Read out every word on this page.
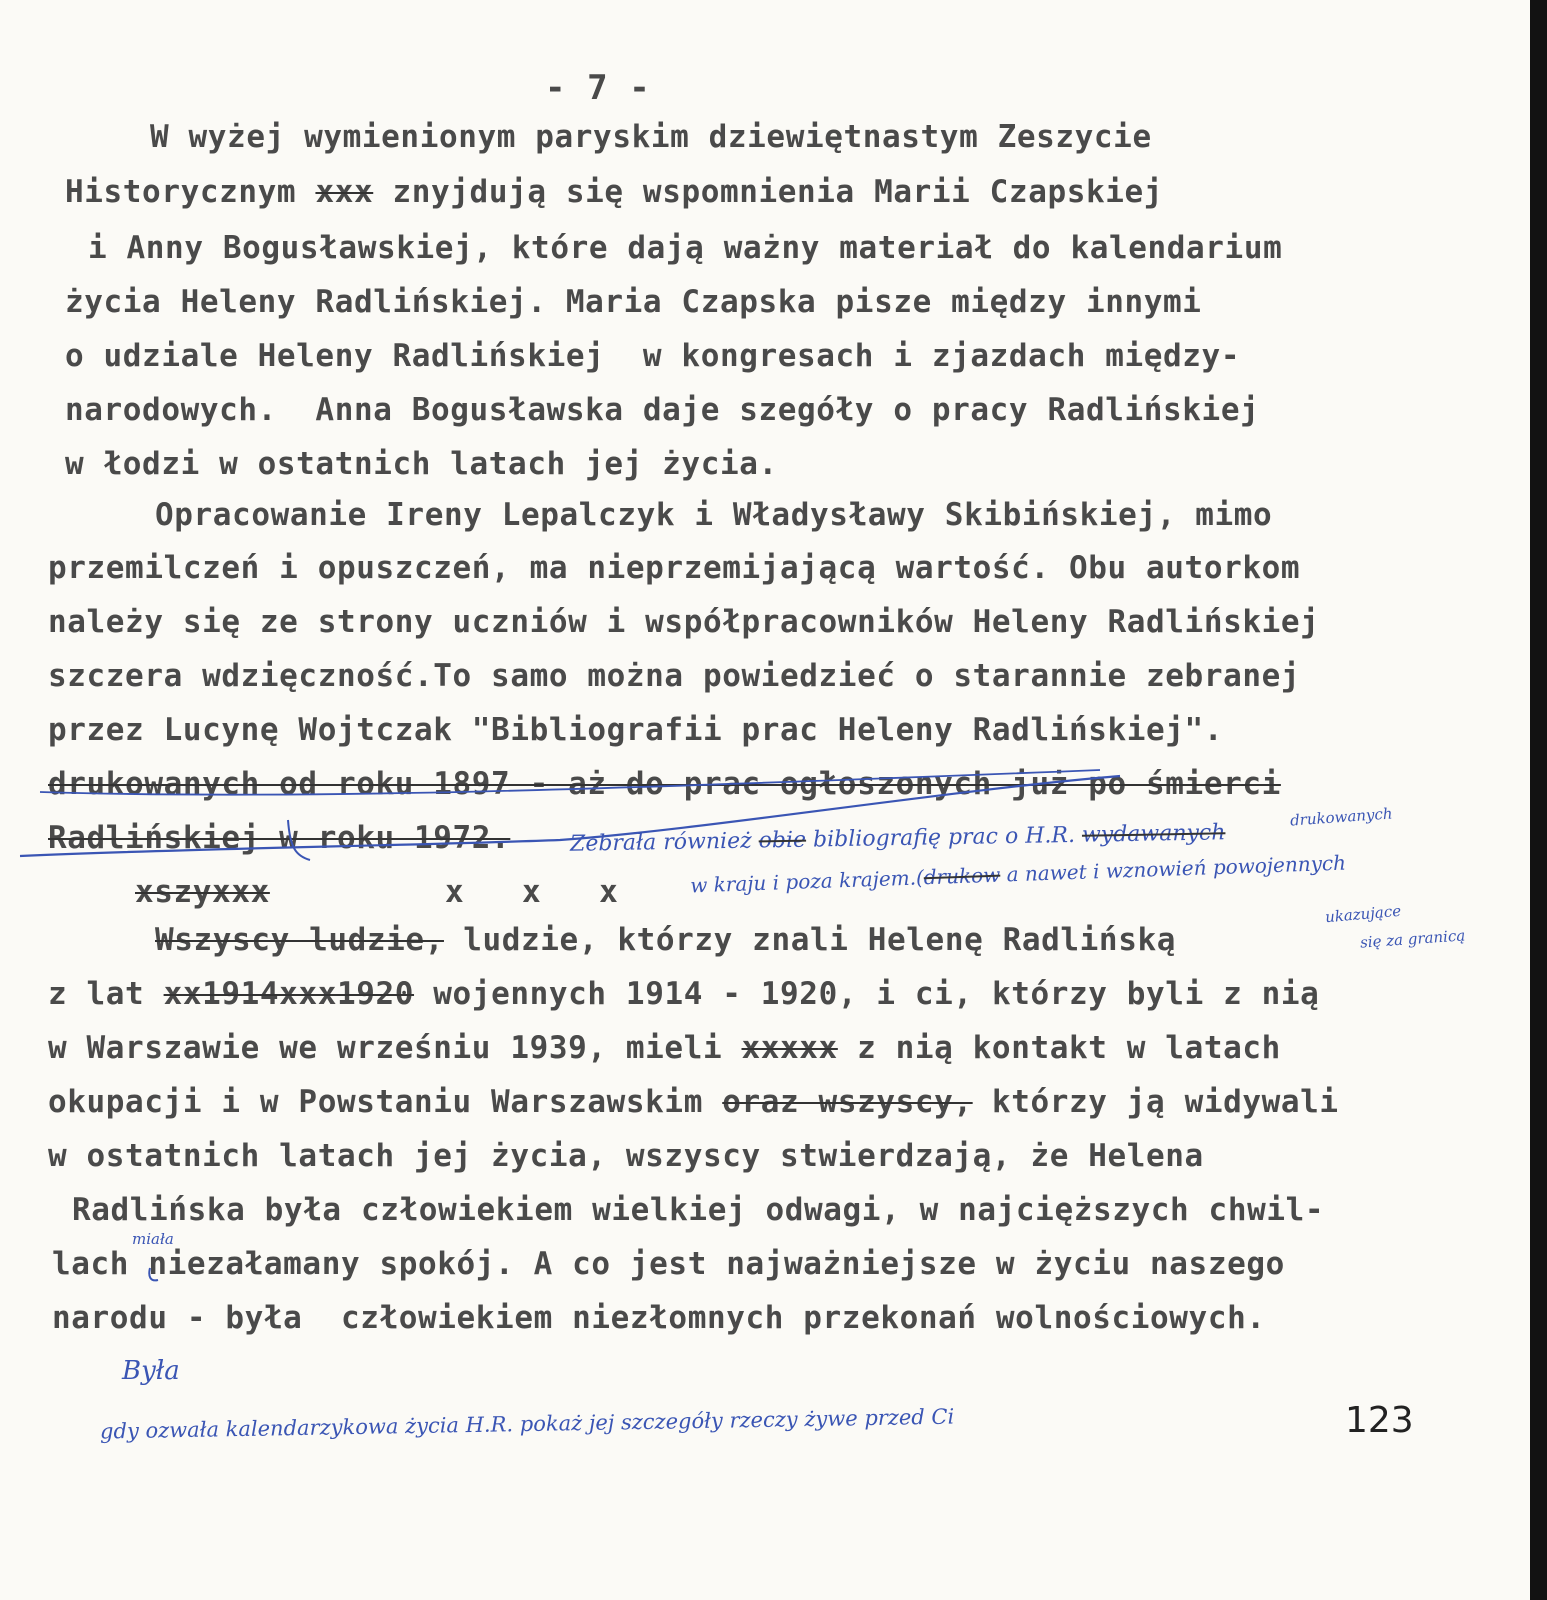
- 7 -
W wyżej wymienionym paryskim dziewiętnastym Zeszycie
Historycznym xxx znyjdują się wspomnienia Marii Czapskiej
i Anny Bogusławskiej, które dają ważny materiał do kalendarium
życia Heleny Radlińskiej. Maria Czapska pisze między innymi
o udziale Heleny Radlińskiej  w kongresach i zjazdach między-
narodowych.  Anna Bogusławska daje szegóły o pracy Radlińskiej
w łodzi w ostatnich latach jej życia.
Opracowanie Ireny Lepalczyk i Władysławy Skibińskiej, mimo
przemilczeń i opuszczeń, ma nieprzemijającą wartość. Obu autorkom
należy się ze strony uczniów i współpracowników Heleny Radlińskiej
szczera wdzięczność.To samo można powiedzieć o starannie zebranej
przez Lucynę Wojtczak "Bibliografii prac Heleny Radlińskiej".
drukowanych od roku 1897 - aż do prac ogłoszonych już po śmierci
Radlińskiej w roku 1972.
xszyxxx	x   x   x
Wszyscy ludzie, ludzie, którzy znali Helenę Radlińską
z lat xx1914xxx1920 wojennych 1914 - 1920, i ci, którzy byli z nią
w Warszawie we wrześniu 1939, mieli xxxxx z nią kontakt w latach
okupacji i w Powstaniu Warszawskim oraz wszyscy, którzy ją widywali
w ostatnich latach jej życia, wszyscy stwierdzają, że Helena
Radlińska była człowiekiem wielkiej odwagi, w najcięższych chwil-
lach niezałamany spokój. A co jest najważniejsze w życiu naszego
narodu - była  człowiekiem niezłomnych przekonań wolnościowych.
drukowanych
Zebrała również obie bibliografię prac o H.R. wydawanych
w kraju i poza krajem.(drukow a nawet i wznowień powojennych
ukazujące
się za granicą
miała
Była
gdy ozwała kalendarzykowa życia H.R. pokaż jej szczegóły rzeczy żywe przed Ci	123
